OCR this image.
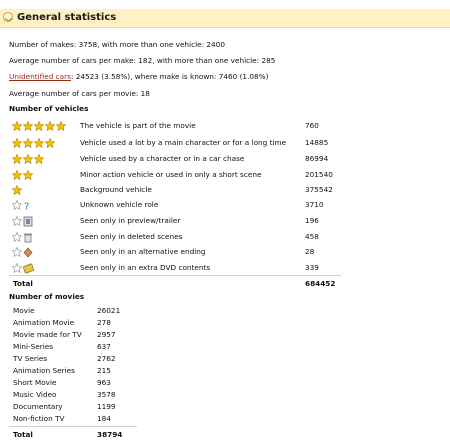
General statistics
Number of makes: 3758, with more than one vehicle: 2400
Average number of cars per make: 182, with more than one vehicle: 285
Unidentified cars: 24523 (3.58%), where make is known: 7460 (1.08%)
Average number of cars per movie: 18
Number of vehicles
The vehicle is part of the movie	760
Vehicle used a lot by a main character or for a long time	14885
Vehicle used by a character or in a car chase	86994
Minor action vehicle or used in only a short scene	201540
Background vehicle	375542
?	Unknown vehicle role	3710
Seen only in preview/trailer	196
Seen only in deleted scenes	458
Seen only in an alternative ending	28
Seen only in an extra DVD contents	339
Total	684452
Number of movies
Movie	26021
Animation Movie	278
Movie made for TV 2957
Mini-Series	637
TV Series	2762
Animation Series	215
Short Movie	963
Music Video	3578
Documentary	1199
Non-fiction TV	184
Total	38794
